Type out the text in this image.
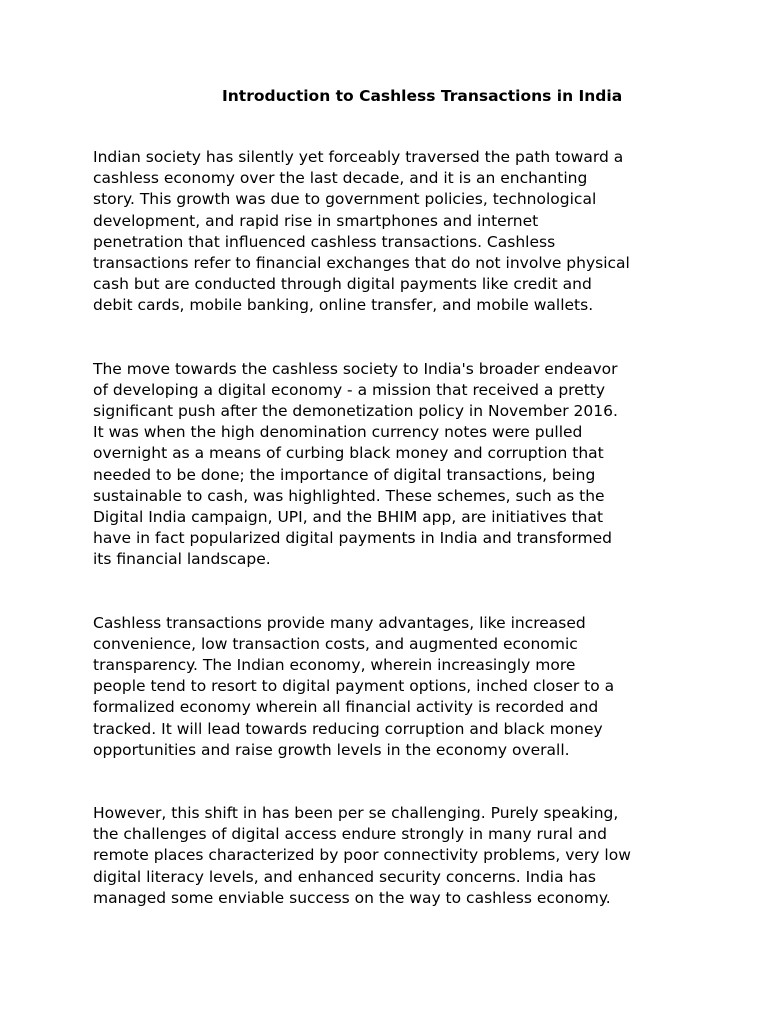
Introduction to Cashless Transactions in India

Indian society has silently yet forceably traversed the path toward a
cashless economy over the last decade, and it is an enchanting
story. This growth was due to government policies, technological
development, and rapid rise in smartphones and internet
penetration that influenced cashless transactions. Cashless
transactions refer to financial exchanges that do not involve physical
cash but are conducted through digital payments like credit and
debit cards, mobile banking, online transfer, and mobile wallets.

The move towards the cashless society to India's broader endeavor
of developing a digital economy - a mission that received a pretty
significant push after the demonetization policy in November 2016.
It was when the high denomination currency notes were pulled
overnight as a means of curbing black money and corruption that
needed to be done; the importance of digital transactions, being
sustainable to cash, was highlighted. These schemes, such as the
Digital India campaign, UPI, and the BHIM app, are initiatives that
have in fact popularized digital payments in India and transformed
its financial landscape.

Cashless transactions provide many advantages, like increased
convenience, low transaction costs, and augmented economic
transparency. The Indian economy, wherein increasingly more
people tend to resort to digital payment options, inched closer to a
formalized economy wherein all financial activity is recorded and
tracked. It will lead towards reducing corruption and black money
opportunities and raise growth levels in the economy overall.

However, this shift in has been per se challenging. Purely speaking,
the challenges of digital access endure strongly in many rural and
remote places characterized by poor connectivity problems, very low
digital literacy levels, and enhanced security concerns. India has
managed some enviable success on the way to cashless economy.
